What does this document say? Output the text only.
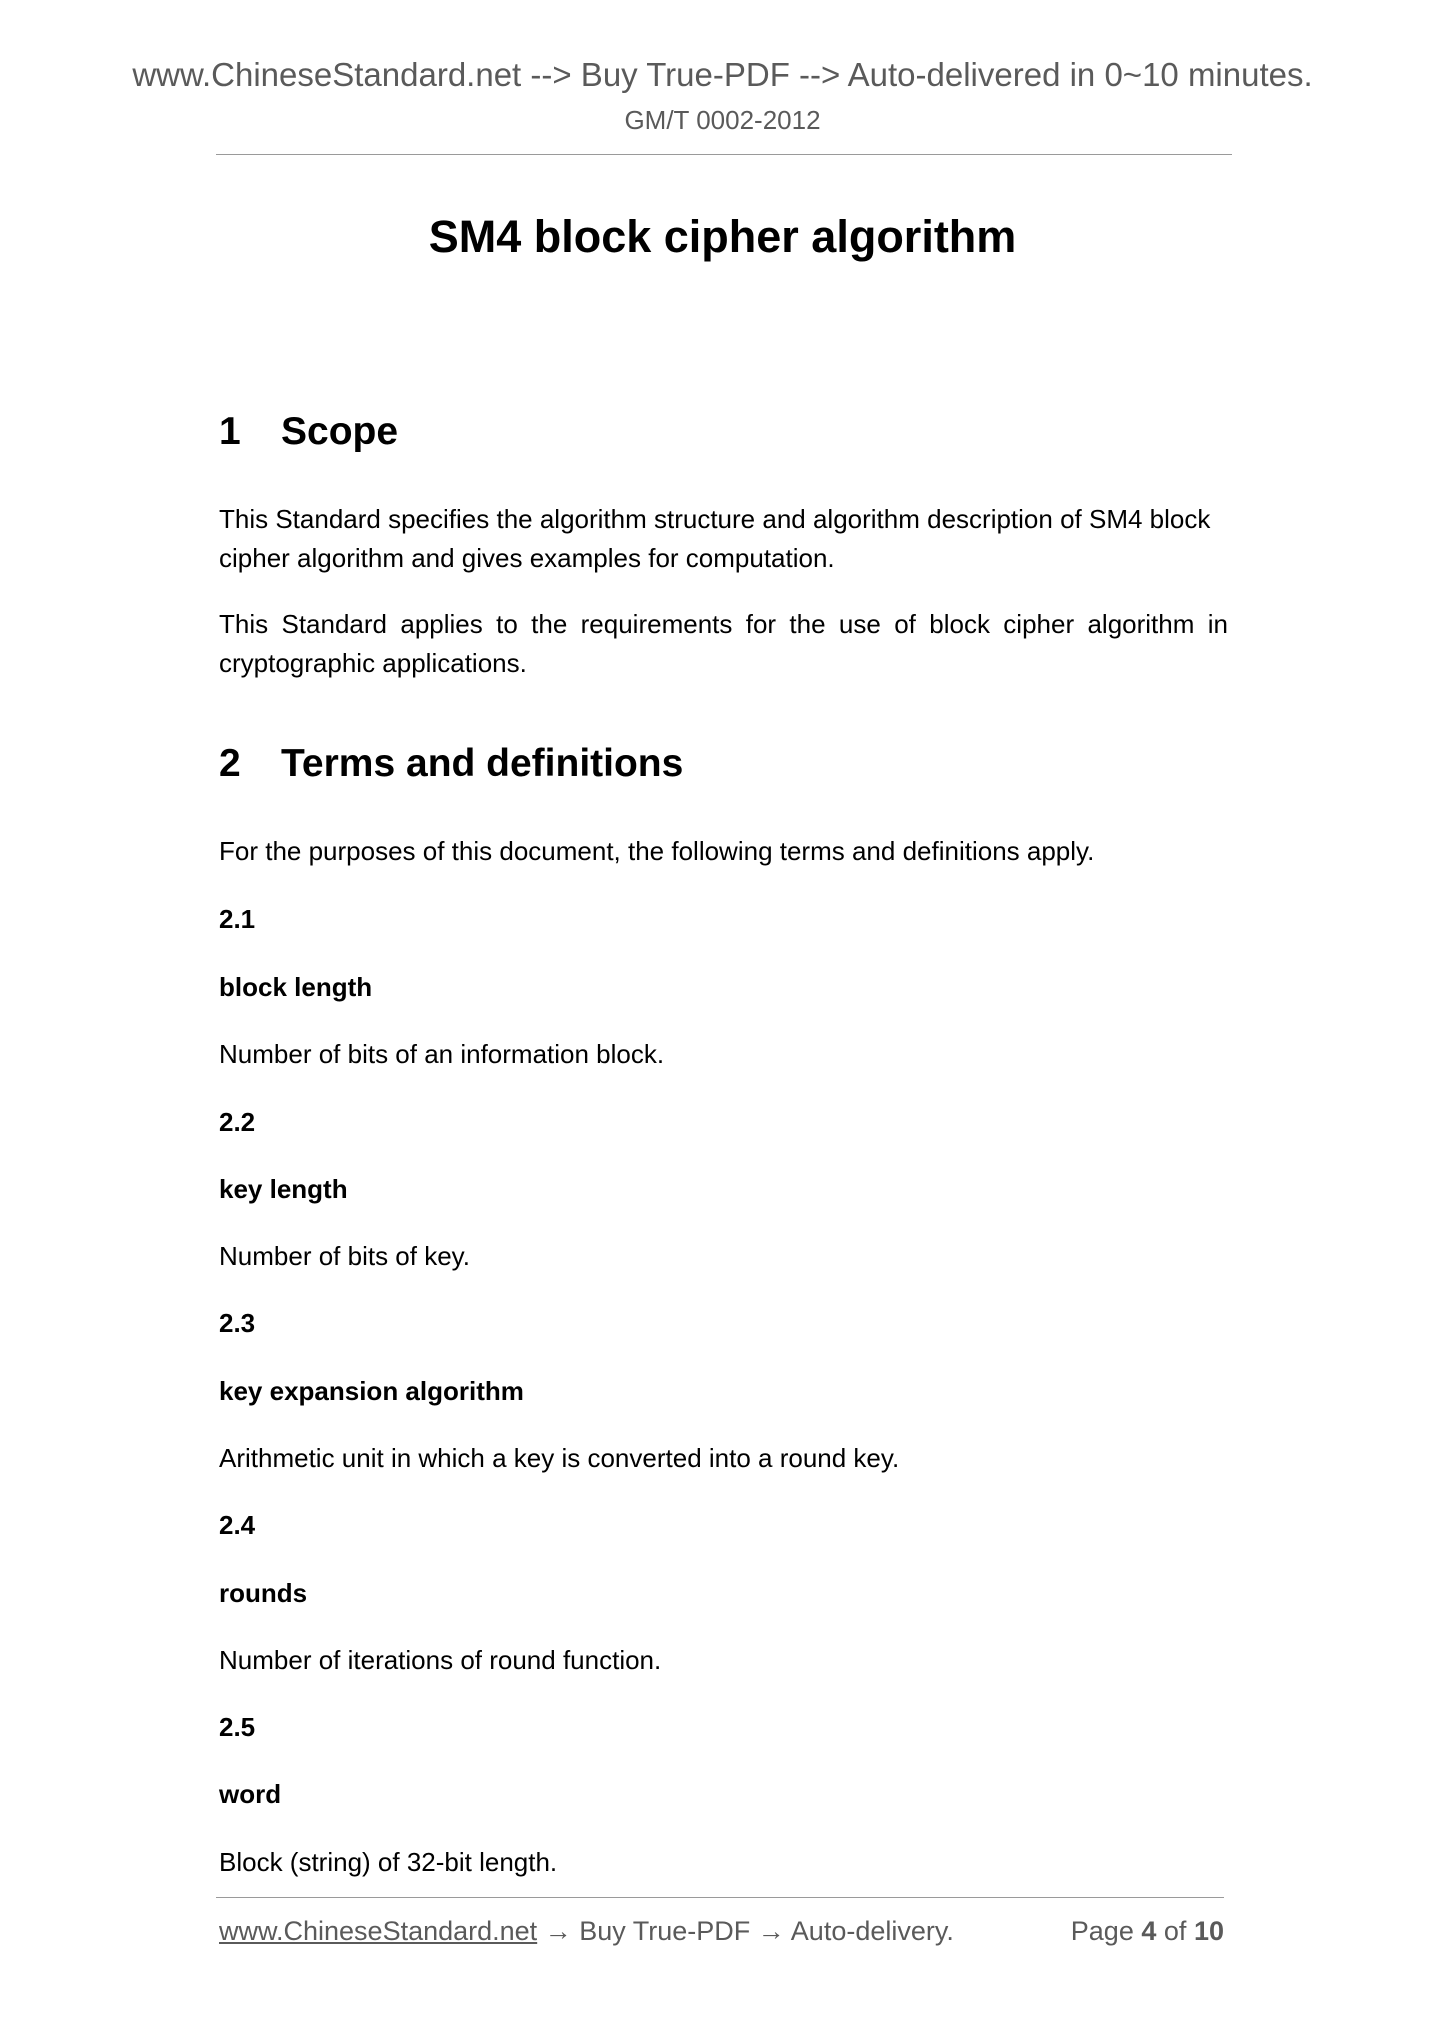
www.ChineseStandard.net --> Buy True-PDF --> Auto-delivered in 0~10 minutes.
GM/T 0002-2012
SM4 block cipher algorithm
1 Scope
This Standard specifies the algorithm structure and algorithm description of SM4 block cipher algorithm and gives examples for computation.
This Standard applies to the requirements for the use of block cipher algorithm in cryptographic applications.
2 Terms and definitions
For the purposes of this document, the following terms and definitions apply.
2.1
block length
Number of bits of an information block.
2.2
key length
Number of bits of key.
2.3
key expansion algorithm
Arithmetic unit in which a key is converted into a round key.
2.4
rounds
Number of iterations of round function.
2.5
word
Block (string) of 32-bit length.
www.ChineseStandard.net → Buy True-PDF → Auto-delivery.	Page 4 of 10
